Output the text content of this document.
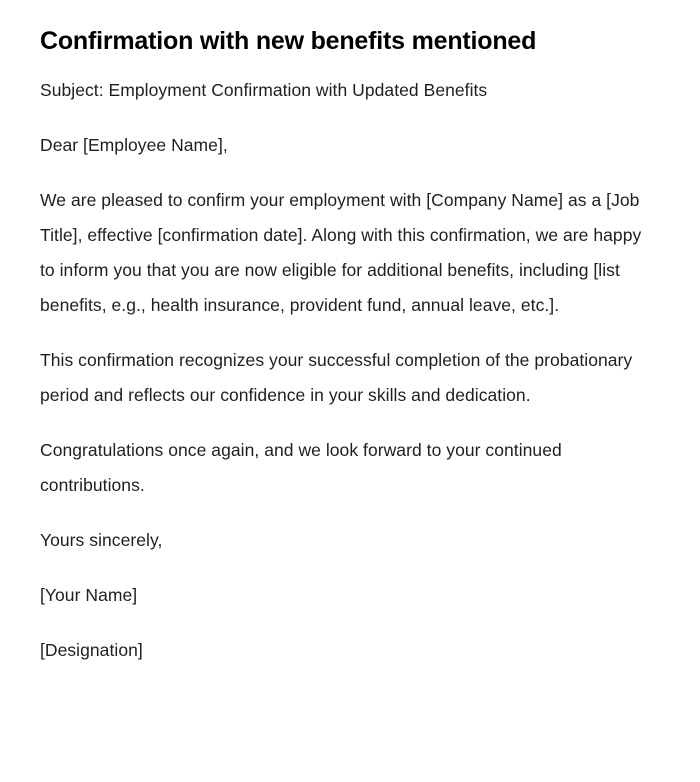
Confirmation with new benefits mentioned

Subject: Employment Confirmation with Updated Benefits

Dear [Employee Name],

We are pleased to confirm your employment with [Company Name] as a [Job Title], effective [confirmation date]. Along with this confirmation, we are happy to inform you that you are now eligible for additional benefits, including [list benefits, e.g., health insurance, provident fund, annual leave, etc.].

This confirmation recognizes your successful completion of the probationary period and reflects our confidence in your skills and dedication.

Congratulations once again, and we look forward to your continued contributions.

Yours sincerely,

[Your Name]

[Designation]
